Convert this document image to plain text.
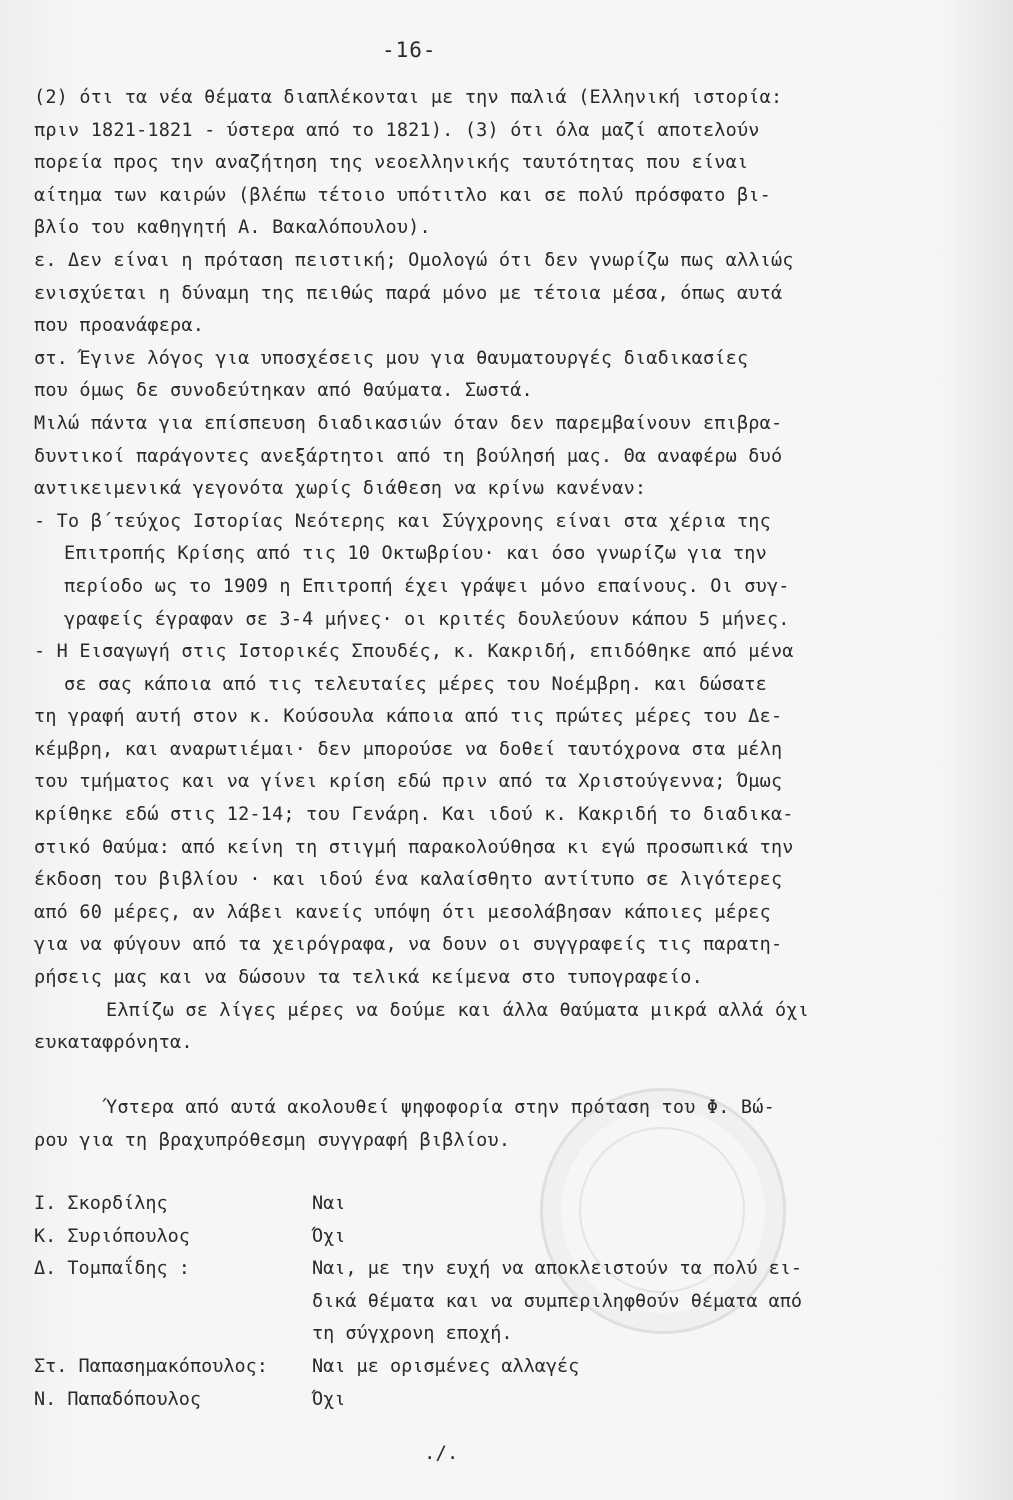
-16-
(2) ότι τα νέα θέματα διαπλέκονται με την παλιά (Ελληνική ιστορία:
πριν 1821-1821 - ύστερα από το 1821). (3) ότι όλα μαζί αποτελούν
πορεία προς την αναζήτηση της νεοελληνικής ταυτότητας που είναι
αίτημα των καιρών (βλέπω τέτοιο υπότιτλο και σε πολύ πρόσφατο βι-
βλίο του καθηγητή Α. Βακαλόπουλου).
ε. Δεν είναι η πρόταση πειστική; Ομολογώ ότι δεν γνωρίζω πως αλλιώς
ενισχύεται η δύναμη της πειθώς παρά μόνο με τέτοια μέσα, όπως αυτά
που προανάφερα.
στ. Έγινε λόγος για υποσχέσεις μου για θαυματουργές διαδικασίες
που όμως δε συνοδεύτηκαν από θαύματα. Σωστά.
Μιλώ πάντα για επίσπευση διαδικασιών όταν δεν παρεμβαίνουν επιβρα-
δυντικοί παράγοντες ανεξάρτητοι από τη βούλησή μας. Θα αναφέρω δυό
αντικειμενικά γεγονότα χωρίς διάθεση να κρίνω κανέναν:
- Το β΄τεύχος Ιστορίας Νεότερης και Σύγχρονης είναι στα χέρια της
Επιτροπής Κρίσης από τις 10 Οκτωβρίου· και όσο γνωρίζω για την
περίοδο ως το 1909 η Επιτροπή έχει γράψει μόνο επαίνους. Οι συγ-
γραφείς έγραφαν σε 3-4 μήνες· οι κριτές δουλεύουν κάπου 5 μήνες.
- Η Εισαγωγή στις Ιστορικές Σπουδές, κ. Κακριδή, επιδόθηκε από μένα
σε σας κάποια από τις τελευταίες μέρες του Νοέμβρη. και δώσατε
τη γραφή αυτή στον κ. Κούσουλα κάποια από τις πρώτες μέρες του Δε-
κέμβρη, και αναρωτιέμαι· δεν μπορούσε να δοθεί ταυτόχρονα στα μέλη
του τμήματος και να γίνει κρίση εδώ πριν από τα Χριστούγεννα; Όμως
κρίθηκε εδώ στις 12-14; του Γενάρη. Και ιδού κ. Κακριδή το διαδικα-
στικό θαύμα: από κείνη τη στιγμή παρακολούθησα κι εγώ προσωπικά την
έκδοση του βιβλίου · και ιδού ένα καλαίσθητο αντίτυπο σε λιγότερες
από 60 μέρες, αν λάβει κανείς υπόψη ότι μεσολάβησαν κάποιες μέρες
για να φύγουν από τα χειρόγραφα, να δουν οι συγγραφείς τις παρατη-
ρήσεις μας και να δώσουν τα τελικά κείμενα στο τυπογραφείο.
Ελπίζω σε λίγες μέρες να δούμε και άλλα θαύματα μικρά αλλά όχι
ευκαταφρόνητα.

Ύστερα από αυτά ακολουθεί ψηφοφορία στην πρόταση του Φ. Βώ-
ρου για τη βραχυπρόθεσμη συγγραφή βιβλίου.
Ι. Σκορδίλης	Ναι
Κ. Συριόπουλος	Όχι
Δ. Τομπαΐδης :	Ναι, με την ευχή να αποκλειστούν τα πολύ ει-
δικά θέματα και να συμπεριληφθούν θέματα από
τη σύγχρονη εποχή.
Στ. Παπασημακόπουλος:	Ναι με ορισμένες αλλαγές
Ν. Παπαδόπουλος	Όχι
./.
